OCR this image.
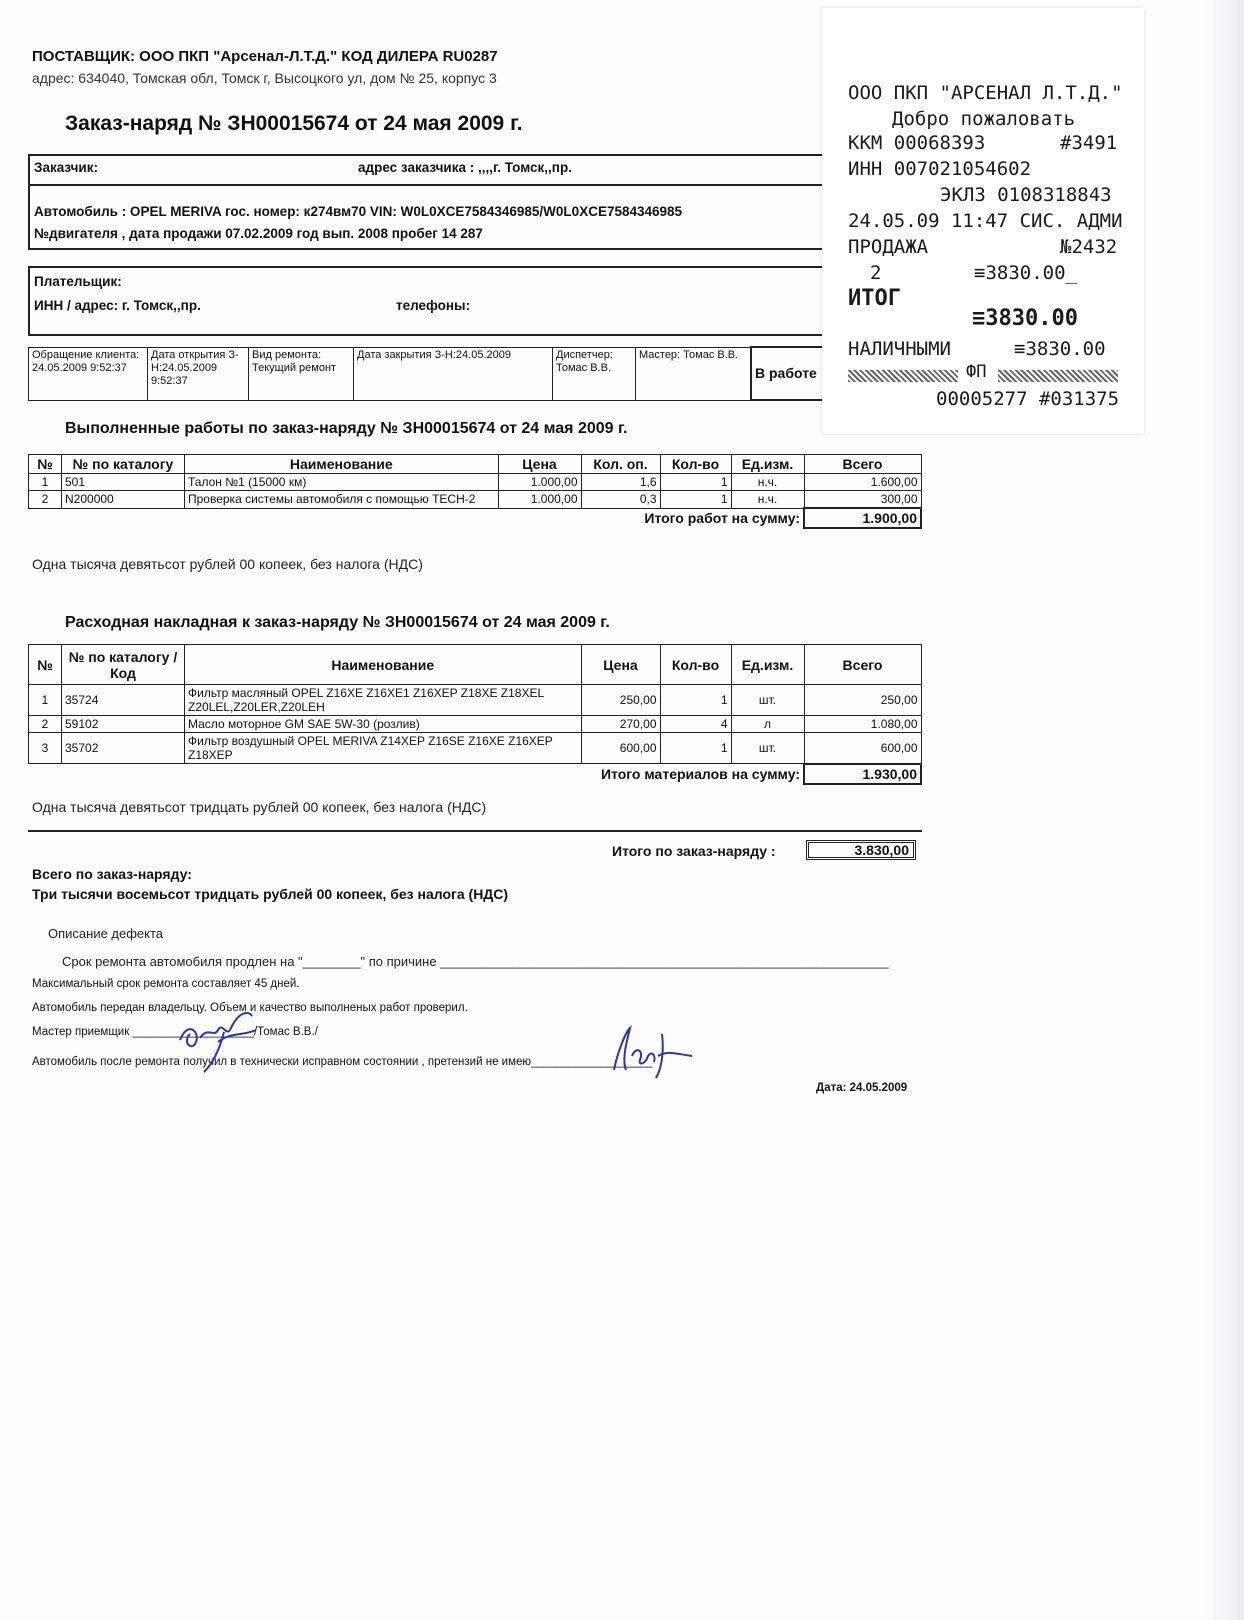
ПОСТАВЩИК: ООО ПКП "Арсенал-Л.Т.Д." КОД ДИЛЕРА RU0287
адрес: 634040, Томская обл, Томск г, Высоцкого ул, дом № 25, корпус 3
Заказ-наряд № ЗН00015674 от 24 мая 2009 г.
Заказчик:	адрес заказчика : ,,,,г. Томск,,пр.
Автомобиль : OPEL MERIVA гос. номер: к274вм70 VIN: W0L0XCE7584346985/W0L0XCE7584346985
№двигателя , дата продажи 07.02.2009 год вып. 2008 пробег 14 287
Плательщик:
ИНН / адрес: г. Томск,,пр.	телефоны:
Обращение клиента: 24.05.2009 9:52:37	Дата открытия З-Н:24.05.2009 9:52:37	Вид ремонта: Текущий ремонт	Дата закрытия З-Н:24.05.2009	Диспетчер: Томас В.В.	Мастер: Томас В.В.	В работе
Выполненные работы по заказ-наряду № ЗН00015674 от 24 мая 2009 г.
№	№ по каталогу	Наименование	Цена	Кол. оп.	Кол-во	Ед.изм.	Всего
1	501	Талон №1 (15000 км)	1.000,00	1,6	1	н.ч.	1.600,00
2	N200000	Проверка системы автомобиля с помощью TECH-2	1.000,00	0,3	1	н.ч.	300,00
Итого работ на сумму:							1.900,00
Одна тысяча девятьсот рублей 00 копеек, без налога (НДС)
Расходная накладная к заказ-наряду № ЗН00015674 от 24 мая 2009 г.
№	№ по каталогу / Код	Наименование	Цена	Кол-во	Ед.изм.	Всего
1	35724	Фильтр масляный OPEL Z16XE Z16XE1 Z16XEP Z18XE Z18XEL Z20LEL,Z20LER,Z20LEH	250,00	1	шт.	250,00
2	59102	Масло моторное GM SAE 5W-30 (розлив)	270,00	4	л	1.080,00
3	35702	Фильтр воздушный OPEL MERIVA Z14XEP Z16SE Z16XE Z16XEP Z18XEP	600,00	1	шт.	600,00
Итого материалов на сумму:						1.930,00
Одна тысяча девятьсот тридцать рублей 00 копеек, без налога (НДС)
Итого по заказ-наряду :	3.830,00
Всего по заказ-наряду:
Три тысячи восемьсот тридцать рублей 00 копеек, без налога (НДС)
Описание дефекта
Срок ремонта автомобиля продлен на "________" по причине ______________________________________________________________
Максимальный срок ремонта составляет 45 дней.
Автомобиль передан владельцу. Объем и качество выполненых работ проверил.
Мастер приемщик ___________________/Томас В.В./
Автомобиль после ремонта получил в технически исправном состоянии , претензий не имею___________________
Дата: 24.05.2009
ООО ПКП "АРСЕНАЛ Л.Т.Д."
Добро пожаловать
ККМ 00068393	#3491
ИНН 007021054602
ЭКЛЗ 0108318843
24.05.09 11:47 СИС. АДМИ
ПРОДАЖА	№2432
2	≡3830.00_
ИТОГ
≡3830.00
НАЛИЧНЫМИ	≡3830.00
ФП
00005277 #031375
